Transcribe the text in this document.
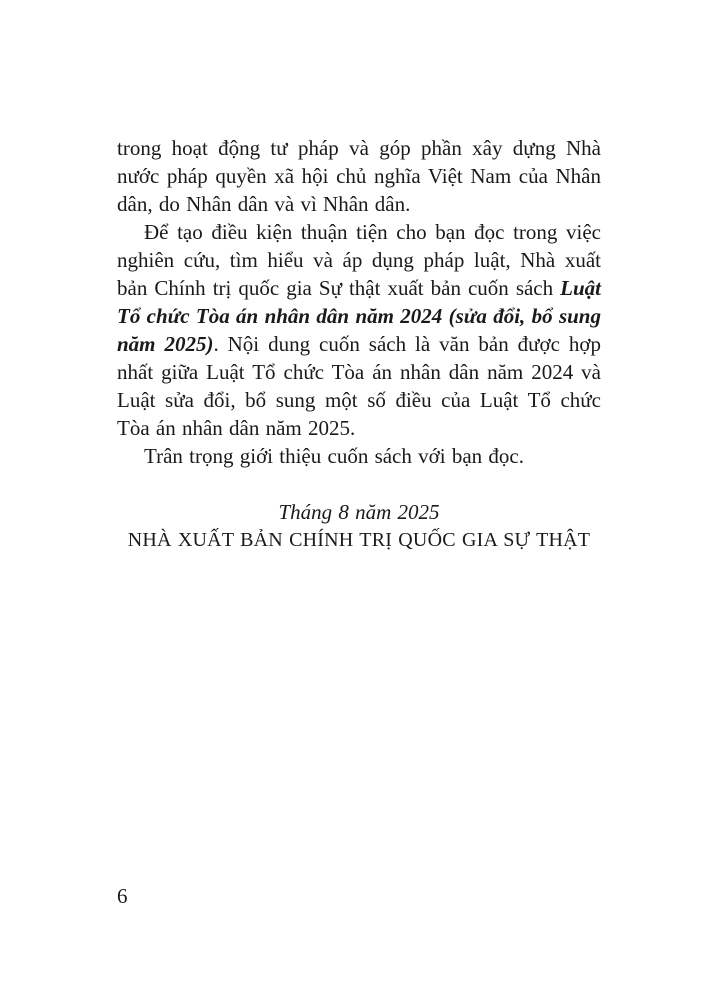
trong hoạt động tư pháp và góp phần xây dựng Nhà nước pháp quyền xã hội chủ nghĩa Việt Nam của Nhân dân, do Nhân dân và vì Nhân dân.

Để tạo điều kiện thuận tiện cho bạn đọc trong việc nghiên cứu, tìm hiểu và áp dụng pháp luật, Nhà xuất bản Chính trị quốc gia Sự thật xuất bản cuốn sách Luật Tổ chức Tòa án nhân dân năm 2024 (sửa đổi, bổ sung năm 2025). Nội dung cuốn sách là văn bản được hợp nhất giữa Luật Tổ chức Tòa án nhân dân năm 2024 và Luật sửa đổi, bổ sung một số điều của Luật Tổ chức Tòa án nhân dân năm 2025.

Trân trọng giới thiệu cuốn sách với bạn đọc.

Tháng 8 năm 2025

NHÀ XUẤT BẢN CHÍNH TRỊ QUỐC GIA SỰ THẬT

6
